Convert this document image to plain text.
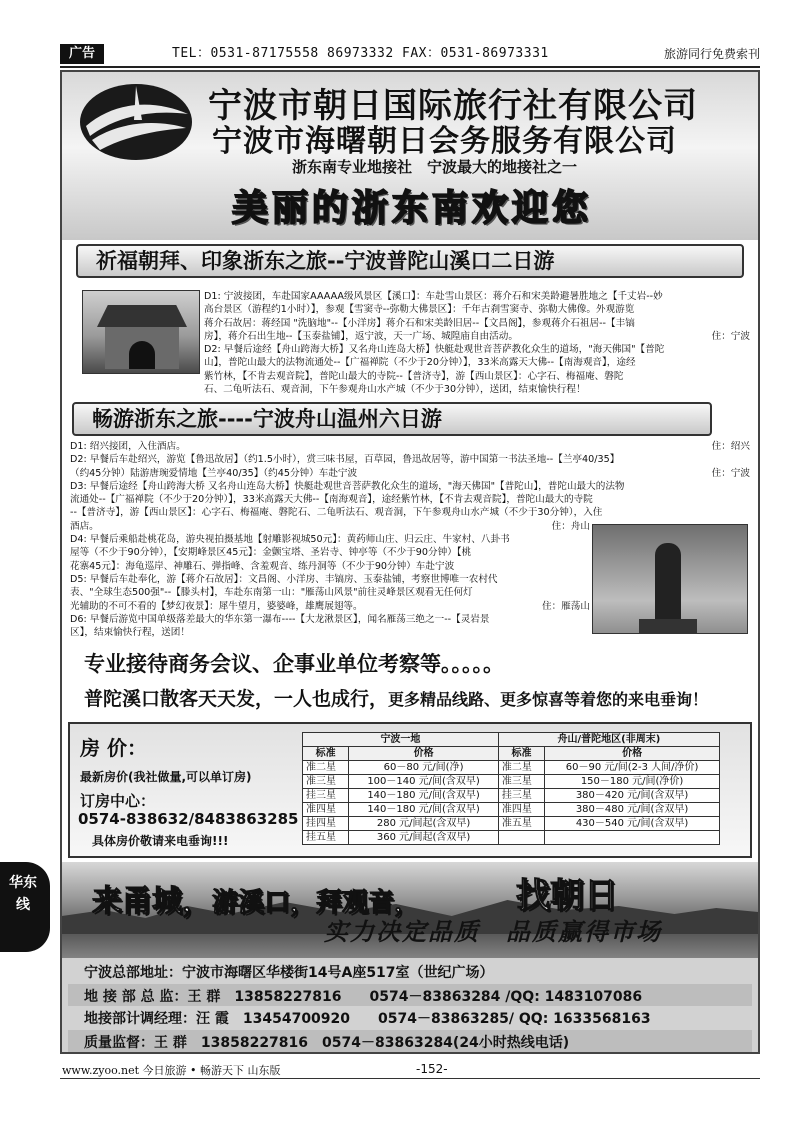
广告	TEL：0531-87175558 86973332 FAX：0531-86973331	旅游同行免费索刊
宁波市朝日国际旅行社有限公司
宁波市海曙朝日会务服务有限公司
浙东南专业地接社　宁波最大的地接社之一
美丽的浙东南欢迎您
祈福朝拜、印象浙东之旅--宁波普陀山溪口二日游
D1: 宁波接团，车赴国家AAAAA级风景区【溪口】：车赴雪山景区：蒋介石和宋美龄避暑胜地之【千丈岩--妙
高台景区（游程约1小时）】，参观【雪窦寺--弥勒大佛景区】：千年古刹雪窦寺、弥勒大佛像。外观游览
蒋介石故居：蒋经国 "洗脑地"--【小洋房】蒋介石和宋美龄旧居--【文昌阁】，参观蒋介石祖居--【丰镐
房】，蒋介石出生地--【玉泰盐铺】，返宁波，天一广场、城隍庙自由活动。	住：宁波
D2: 早餐后途经【舟山跨海大桥】又名舟山连岛大桥】快艇赴观世音菩萨教化众生的道场，"海天佛国"【普陀
山】，普陀山最大的法物流通处--【广福禅院（不少于20分钟）】，33米高露天大佛--【南海观音】，途经
紫竹林，【不肯去观音院】，普陀山最大的寺院--【普济寺】，游【西山景区】：心字石、梅福庵、磐陀
石、二龟听法石、观音洞，下午参观舟山水产城（不少于30分钟），送团，结束愉快行程！
畅游浙东之旅----宁波舟山温州六日游
D1: 绍兴接团，入住酒店。	住：绍兴
D2: 早餐后车赴绍兴，游览【鲁迅故居】（约1.5小时），赏三味书屋，百草园，鲁迅故居等，游中国第一书法圣地--【兰亭40/35】
（约45分钟）陆游唐琬爱情地【兰亭40/35】（约45分钟）车赴宁波	住：宁波
D3: 早餐后途经【舟山跨海大桥 又名舟山连岛大桥】快艇赴观世音菩萨教化众生的道场，"海天佛国"【普陀山】，普陀山最大的法物
流通处--【广福禅院（不少于20分钟）】，33米高露天大佛--【南海观音】，途经紫竹林，【不肯去观音院】，普陀山最大的寺院
--【普济寺】，游【西山景区】：心字石、梅福庵、磐陀石、二龟听法石、观音洞，下午参观舟山水产城（不少于30分钟），入住
酒店。	住：舟山
D4: 早餐后乘船赴桃花岛，游央视拍摄基地【射雕影视城50元】：黄药师山庄、归云庄、牛家村、八卦书
屋等（不少于90分钟），【安期峰景区45元】：金颤宝塔、圣岩寺、钟亭等（不少于90分钟）【桃
花寨45元】：海龟巡岸、神雕石、弹指峰、含羞观音、练丹洞等（不少于90分钟）车赴宁波
D5: 早餐后车赴奉化，游【蒋介石故居】：文昌阁、小洋房、丰镐房、玉泰盐铺，考察世博唯一农村代
表、"全球生态500强"--【滕头村】，车赴东南第一山："雁荡山风景"前往灵峰景区观看无任何灯
光辅助的不可不看的【梦幻夜景】：犀牛望月，婆婆峰，雄鹰展翅等。	住：雁荡山
D6: 早餐后游览中国单级落差最大的华东第一瀑布----【大龙湫景区】，闻名雁荡三绝之一--【灵岩景
区】，结束愉快行程，送团！
专业接待商务会议、企事业单位考察等。。。。。
普陀溪口散客天天发，一人也成行，更多精品线路、更多惊喜等着您的来电垂询！
房 价：
最新房价(我社做量,可以单订房)
订房中心：
0574-838632/8483863285
具体房价敬请来电垂询!!!
宁波一地		舟山/普陀地区(非周末)	
标准	价格	标准	价格
准二星	60－80 元/间(净)	准二星	60－90 元/间(2-3 人间/净价)
准三星	100－140 元/间(含双早)	准三星	150－180 元/间(净价)
挂三星	140－180 元/间(含双早)	挂三星	380－420 元/间(含双早)
准四星	140－180 元/间(含双早)	准四星	380－480 元/间(含双早)
挂四星	280 元/间起(含双早)	准五星	430－540 元/间(含双早)
挂五星	360 元/间起(含双早)		
来甬城，游溪口，拜观音，	找朝日
实力决定品质　品质赢得市场
宁波总部地址：宁波市海曙区华楼街14号A座517室（世纪广场）
地 接 部 总 监：王 群　13858227816　　0574－83863284 /QQ: 1483107086
地接部计调经理：汪 霞　13454700920　　0574－83863285/ QQ: 1633568163
质量监督：王 群　13858227816　0574－83863284(24小时热线电话)
华东线
www.zyoo.net 今日旅游 • 畅游天下 山东版	-152-
